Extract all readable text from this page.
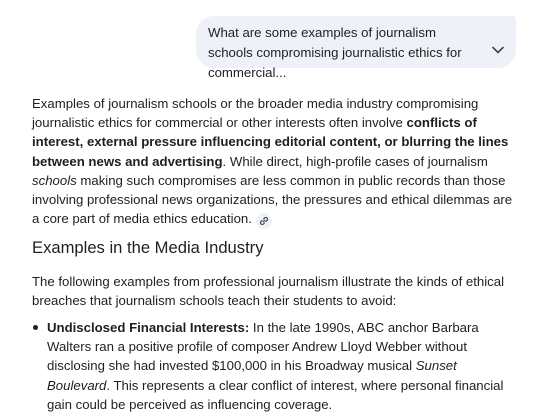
What are some examples of journalism schools compromising journalistic ethics for commercial...

Examples of journalism schools or the broader media industry compromising journalistic ethics for commercial or other interests often involve conflicts of interest, external pressure influencing editorial content, or blurring the lines between news and advertising. While direct, high-profile cases of journalism schools making such compromises are less common in public records than those involving professional news organizations, the pressures and ethical dilemmas are a core part of media ethics education.

Examples in the Media Industry

The following examples from professional journalism illustrate the kinds of ethical breaches that journalism schools teach their students to avoid:

Undisclosed Financial Interests: In the late 1990s, ABC anchor Barbara Walters ran a positive profile of composer Andrew Lloyd Webber without disclosing she had invested $100,000 in his Broadway musical Sunset Boulevard. This represents a clear conflict of interest, where personal financial gain could be perceived as influencing coverage.
